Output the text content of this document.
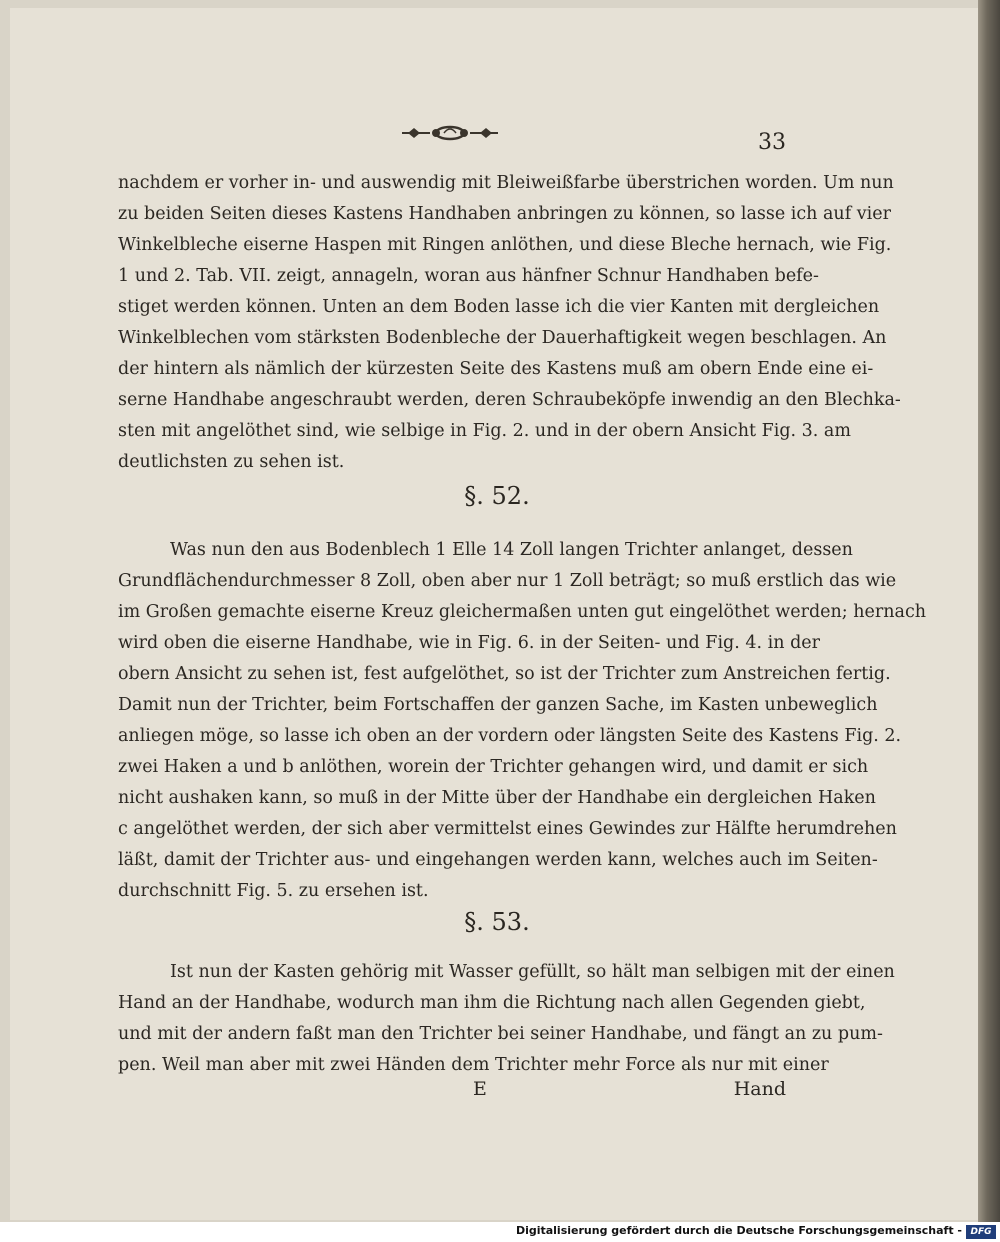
33
nachdem er vorher in- und auswendig mit Bleiweißfarbe überstrichen worden. Um nun
zu beiden Seiten dieses Kastens Handhaben anbringen zu können, so lasse ich auf vier
Winkelbleche eiserne Haspen mit Ringen anlöthen, und diese Bleche hernach, wie Fig.
1 und 2. Tab. VII. zeigt, annageln, woran aus hänfner Schnur Handhaben befe-
stiget werden können. Unten an dem Boden lasse ich die vier Kanten mit dergleichen
Winkelblechen vom stärksten Bodenbleche der Dauerhaftigkeit wegen beschlagen. An
der hintern als nämlich der kürzesten Seite des Kastens muß am obern Ende eine ei-
serne Handhabe angeschraubt werden, deren Schraubeköpfe inwendig an den Blechka-
sten mit angelöthet sind, wie selbige in Fig. 2. und in der obern Ansicht Fig. 3. am
deutlichsten zu sehen ist.
§. 52.
Was nun den aus Bodenblech 1 Elle 14 Zoll langen Trichter anlanget, dessen
Grundflächendurchmesser 8 Zoll, oben aber nur 1 Zoll beträgt; so muß erstlich das wie
im Großen gemachte eiserne Kreuz gleichermaßen unten gut eingelöthet werden; hernach
wird oben die eiserne Handhabe, wie in Fig. 6. in der Seiten- und Fig. 4. in der
obern Ansicht zu sehen ist, fest aufgelöthet, so ist der Trichter zum Anstreichen fertig.
Damit nun der Trichter, beim Fortschaffen der ganzen Sache, im Kasten unbeweglich
anliegen möge, so lasse ich oben an der vordern oder längsten Seite des Kastens Fig. 2.
zwei Haken a und b anlöthen, worein der Trichter gehangen wird, und damit er sich
nicht aushaken kann, so muß in der Mitte über der Handhabe ein dergleichen Haken
c angelöthet werden, der sich aber vermittelst eines Gewindes zur Hälfte herumdrehen
läßt, damit der Trichter aus- und eingehangen werden kann, welches auch im Seiten-
durchschnitt Fig. 5. zu ersehen ist.
§. 53.
Ist nun der Kasten gehörig mit Wasser gefüllt, so hält man selbigen mit der einen
Hand an der Handhabe, wodurch man ihm die Richtung nach allen Gegenden giebt,
und mit der andern faßt man den Trichter bei seiner Handhabe, und fängt an zu pum-
pen. Weil man aber mit zwei Händen dem Trichter mehr Force als nur mit einer
E	Hand
Digitalisierung gefördert durch die Deutsche Forschungsgemeinschaft - DFG
